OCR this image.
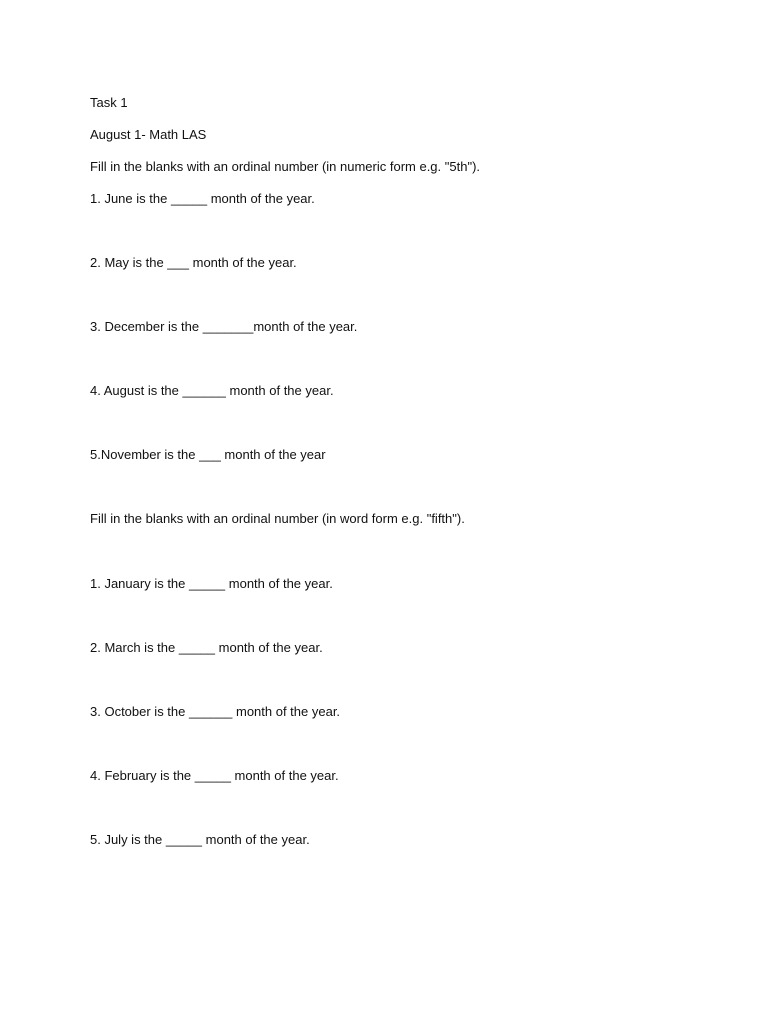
Task 1
August 1- Math LAS
Fill in the blanks with an ordinal number (in numeric form e.g. "5th").
1. June is the _____ month of the year.
2. May is the ___ month of the year.
3. December is the _______month of the year.
4. August is the ______ month of the year.
5.November is the ___ month of the year
Fill in the blanks with an ordinal number (in word form e.g. "fifth").
1. January is the _____ month of the year.
2. March is the _____ month of the year.
3. October is the ______ month of the year.
4. February is the _____ month of the year.
5. July is the _____ month of the year.
